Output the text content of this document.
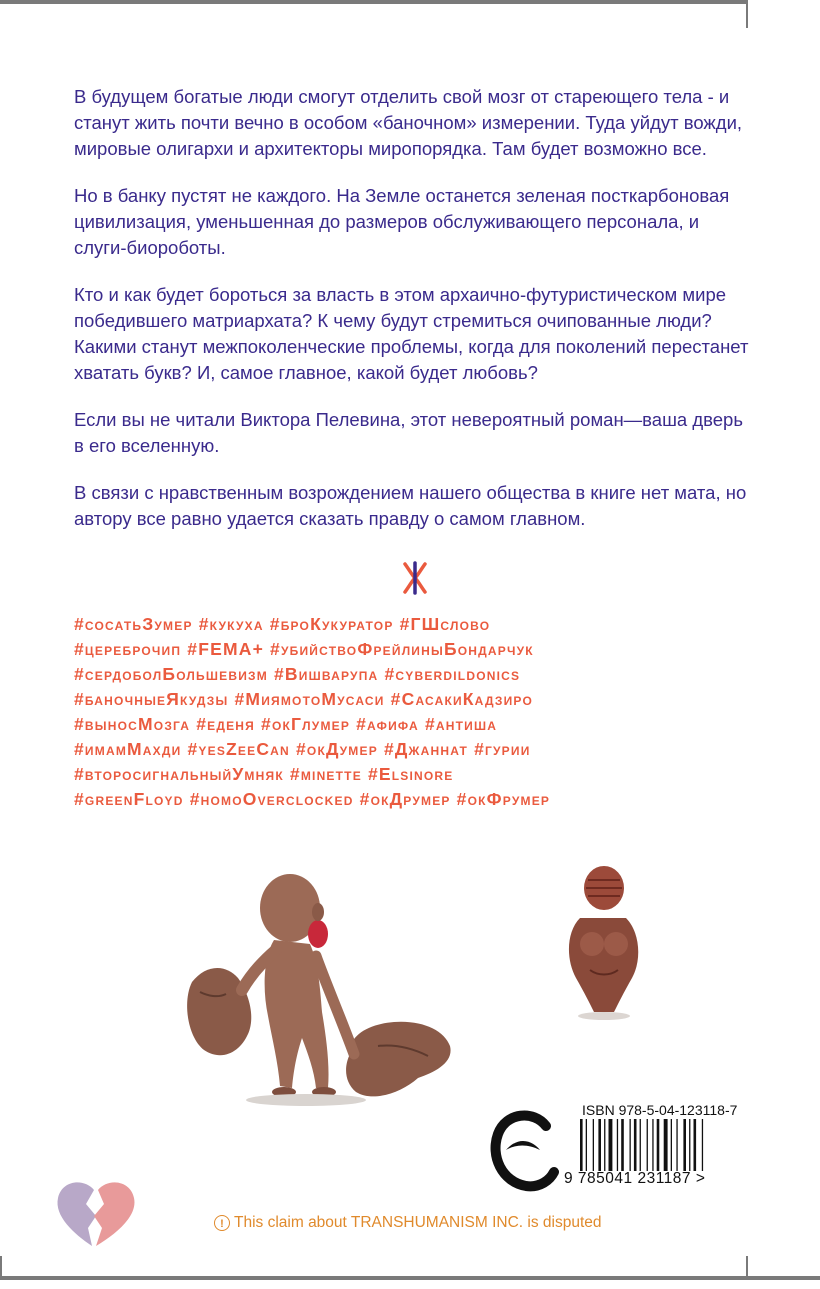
В будущем богатые люди смогут отделить свой мозг от стареющего тела - и станут жить почти вечно в особом «баночном» измерении. Туда уйдут вожди, мировые олигархи и архитекторы миропорядка. Там будет возможно все.

Но в банку пустят не каждого. На Земле останется зеленая посткарбоновая цивилизация, уменьшенная до размеров обслуживающего персонала, и слуги-биороботы.

Кто и как будет бороться за власть в этом архаично-футуристическом мире победившего матриархата? К чему будут стремиться очипованные люди? Какими станут межпоколенческие проблемы, когда для поколений перестанет хватать букв? И, самое главное, какой будет любовь?

Если вы не читали Виктора Пелевина, этот невероятный роман—ваша дверь в его вселенную.

В связи с нравственным возрождением нашего общества в книге нет мата, но автору все равно удается сказать правду о самом главном.

#сосатьЗумер #кукуха #броКукуратор #ГШслово
#цереброчип #FEMA+ #убийствоФрейлиныБондарчук
#сердоболБольшевизм #Вишварупа #cyberdildonics
#баночныеЯкудзы #МиямотоМусаси #СасакиКадзиро
#выносМозга #едeня #окГлумер #афифа #антиша
#имамМахди #yesZeeCan #окДумер #Джаннат #гурии
#второсигнальныйУмняк #minette #Elsinore
#greenFloyd #homoOverclocked #окДрумер #окФрумер
ISBN 978-5-04-123118-7
9 785041 231187 >
! This claim about TRANSHUMANISM INC. is disputed
